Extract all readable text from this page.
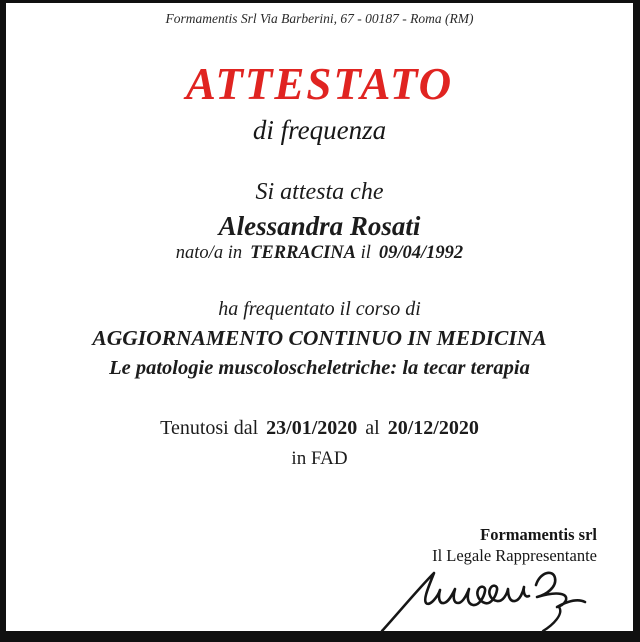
Formamentis Srl Via Barberini, 67 - 00187 - Roma (RM)
ATTESTATO
di frequenza
Si attesta che
Alessandra Rosati
nato/a in TERRACINA il 09/04/1992
ha frequentato il corso di
AGGIORNAMENTO CONTINUO IN MEDICINA
Le patologie muscoloscheletriche: la tecar terapia
Tenutosi dal 23/01/2020 al 20/12/2020
in FAD
Formamentis srl
Il Legale Rappresentante
